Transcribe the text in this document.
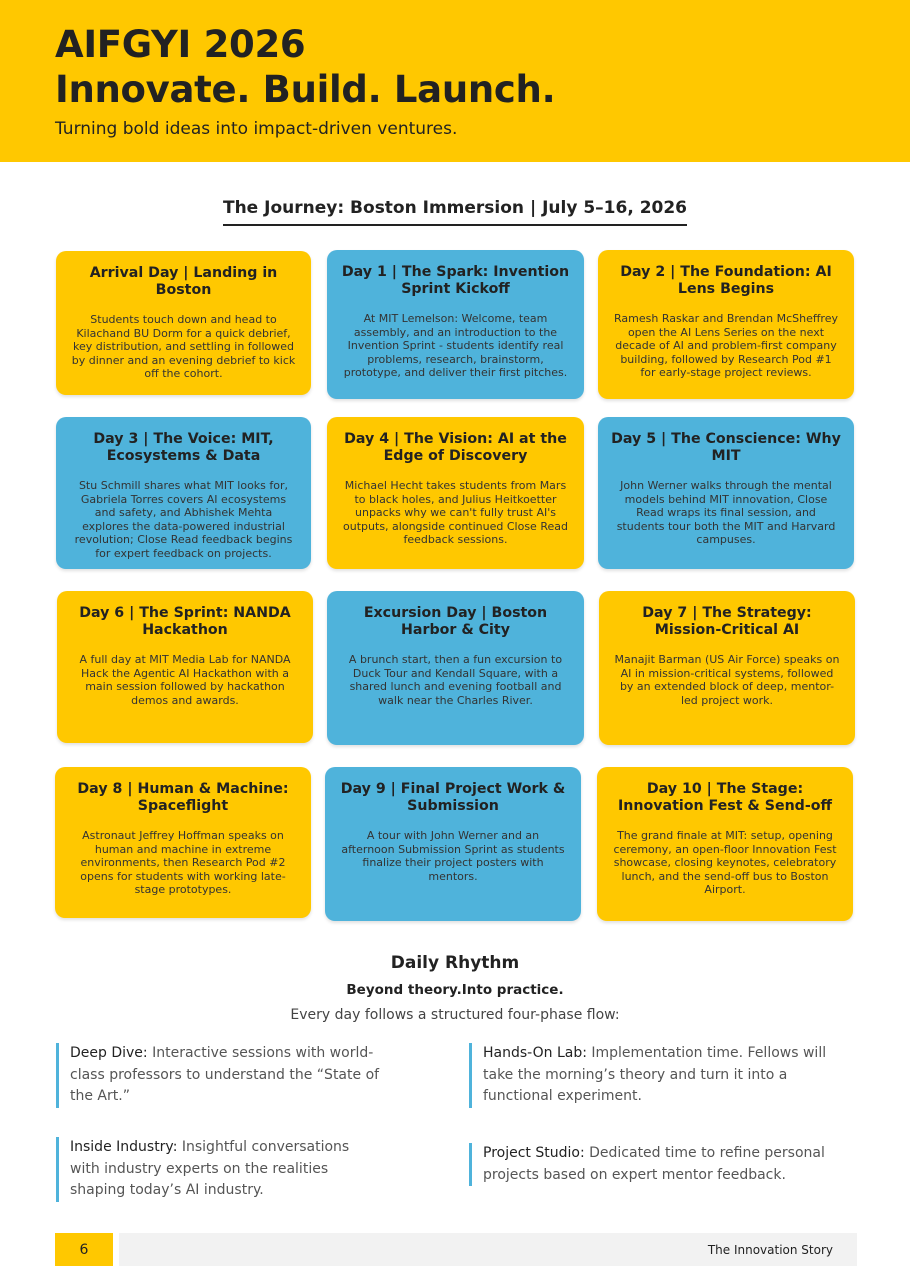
AIFGYI 2026
Innovate. Build. Launch.
Turning bold ideas into impact-driven ventures.
The Journey: Boston Immersion | July 5–16, 2026
Arrival Day | Landing in Boston
Students touch down and head to Kilachand BU Dorm for a quick debrief, key distribution, and settling in followed by dinner and an evening debrief to kick off the cohort.
Day 1 | The Spark: Invention Sprint Kickoff
At MIT Lemelson: Welcome, team assembly, and an introduction to the Invention Sprint - students identify real problems, research, brainstorm, prototype, and deliver their first pitches.
Day 2 | The Foundation: AI Lens Begins
Ramesh Raskar and Brendan McSheffrey open the AI Lens Series on the next decade of AI and problem-first company building, followed by Research Pod #1 for early-stage project reviews.
Day 3 | The Voice: MIT, Ecosystems & Data
Stu Schmill shares what MIT looks for, Gabriela Torres covers AI ecosystems and safety, and Abhishek Mehta explores the data-powered industrial revolution; Close Read feedback begins for expert feedback on projects.
Day 4 | The Vision: AI at the Edge of Discovery
Michael Hecht takes students from Mars to black holes, and Julius Heitkoetter unpacks why we can't fully trust AI's outputs, alongside continued Close Read feedback sessions.
Day 5 | The Conscience: Why MIT
John Werner walks through the mental models behind MIT innovation, Close Read wraps its final session, and students tour both the MIT and Harvard campuses.
Day 6 | The Sprint: NANDA Hackathon
A full day at MIT Media Lab for NANDA Hack the Agentic AI Hackathon with a main session followed by hackathon demos and awards.
Excursion Day | Boston Harbor & City
A brunch start, then a fun excursion to Duck Tour and Kendall Square, with a shared lunch and evening football and walk near the Charles River.
Day 7 | The Strategy: Mission-Critical AI
Manajit Barman (US Air Force) speaks on AI in mission-critical systems, followed by an extended block of deep, mentor-led project work.
Day 8 | Human & Machine: Spaceflight
Astronaut Jeffrey Hoffman speaks on human and machine in extreme environments, then Research Pod #2 opens for students with working late-stage prototypes.
Day 9 | Final Project Work & Submission
A tour with John Werner and an afternoon Submission Sprint as students finalize their project posters with mentors.
Day 10 | The Stage: Innovation Fest & Send-off
The grand finale at MIT: setup, opening ceremony, an open-floor Innovation Fest showcase, closing keynotes, celebratory lunch, and the send-off bus to Boston Airport.
Daily Rhythm
Beyond theory.Into practice.
Every day follows a structured four-phase flow:
Deep Dive: Interactive sessions with world-class professors to understand the “State of the Art.”
Hands-On Lab: Implementation time. Fellows will take the morning’s theory and turn it into a functional experiment.
Inside Industry: Insightful conversations with industry experts on the realities shaping today’s AI industry.
Project Studio: Dedicated time to refine personal projects based on expert mentor feedback.
6	The Innovation Story
